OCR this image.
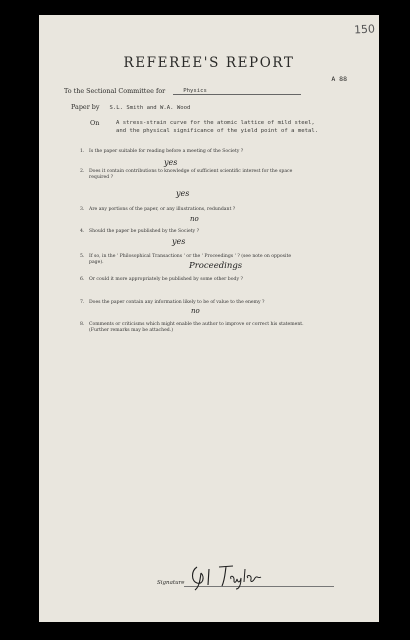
150
REFEREE'S REPORT
A 88
To the Sectional Committee for	Physics
Paper by S.L. Smith and W.A. Wood
On	A stress-strain curve for the atomic lattice of mild steel,
and the physical significance of the yield point of a metal.
1. Is the paper suitable for reading before a meeting of the Society ?
2. Does it contain contributions to knowledge of sufficient scientific interest for the space
required ?
3. Are any portions of the paper, or any illustrations, redundant ?
4. Should the paper be published by the Society ?
5. If so, in the ' Philosophical Transactions ' or the ' Proceedings ' ? (see note on opposite
page).
6. Or could it more appropriately be published by some other body ?
7. Does the paper contain any information likely to be of value to the enemy ?
8. Comments or criticisms which might enable the author to improve or correct his statement.
(Further remarks may be attached.)
yes
yes
no
yes
Proceedings
no
Signature
